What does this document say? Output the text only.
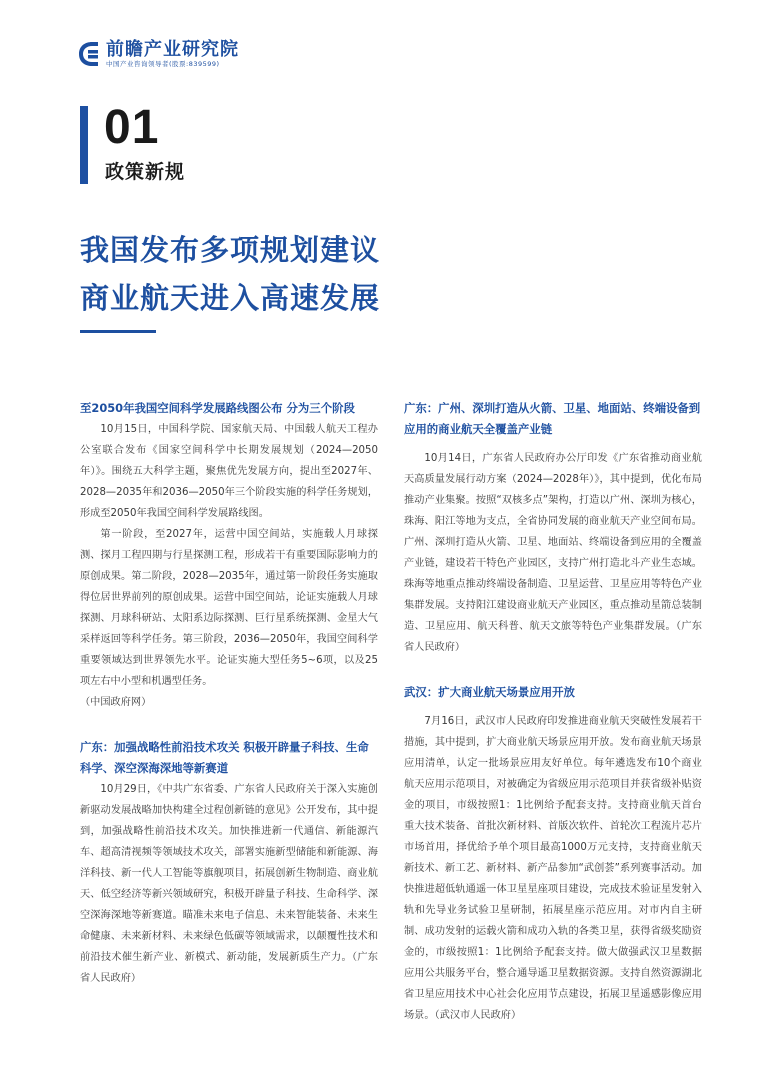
前瞻产业研究院
中国产业咨询领导者(股票:839599)
01
政策新规
我国发布多项规划建议
商业航天进入高速发展

至2050年我国空间科学发展路线图公布 分为三个阶段

10月15日，中国科学院、国家航天局、中国载人航天工程办公室联合发布《国家空间科学中长期发展规划（2024—2050年）》。围绕五大科学主题，聚焦优先发展方向，提出至2027年、2028—2035年和2036—2050年三个阶段实施的科学任务规划，形成至2050年我国空间科学发展路线图。

第一阶段，至2027年，运营中国空间站，实施载人月球探测、探月工程四期与行星探测工程，形成若干有重要国际影响力的原创成果。第二阶段，2028—2035年，通过第一阶段任务实施取得位居世界前列的原创成果。运营中国空间站，论证实施载人月球探测、月球科研站、太阳系边际探测、巨行星系统探测、金星大气采样返回等科学任务。第三阶段，2036—2050年，我国空间科学重要领域达到世界领先水平。论证实施大型任务5~6项，以及25项左右中小型和机遇型任务。

（中国政府网）

广东：加强战略性前沿技术攻关 积极开辟量子科技、生命科学、深空深海深地等新赛道

10月29日，《中共广东省委、广东省人民政府关于深入实施创新驱动发展战略加快构建全过程创新链的意见》公开发布，其中提到，加强战略性前沿技术攻关。加快推进新一代通信、新能源汽车、超高清视频等领域技术攻关，部署实施新型储能和新能源、海洋科技、新一代人工智能等旗舰项目，拓展创新生物制造、商业航天、低空经济等新兴领域研究，积极开辟量子科技、生命科学、深空深海深地等新赛道。瞄准未来电子信息、未来智能装备、未来生命健康、未来新材料、未来绿色低碳等领域需求，以颠覆性技术和前沿技术催生新产业、新模式、新动能，发展新质生产力。（广东省人民政府）

广东：广州、深圳打造从火箭、卫星、地面站、终端设备到应用的商业航天全覆盖产业链

10月14日，广东省人民政府办公厅印发《广东省推动商业航天高质量发展行动方案（2024—2028年）》，其中提到，优化布局推动产业集聚。按照“双核多点”架构，打造以广州、深圳为核心，珠海、阳江等地为支点，全省协同发展的商业航天产业空间布局。广州、深圳打造从火箭、卫星、地面站、终端设备到应用的全覆盖产业链，建设若干特色产业园区，支持广州打造北斗产业生态域。珠海等地重点推动终端设备制造、卫星运营、卫星应用等特色产业集群发展。支持阳江建设商业航天产业园区，重点推动星箭总装制造、卫星应用、航天科普、航天文旅等特色产业集群发展。（广东省人民政府）

武汉：扩大商业航天场景应用开放

7月16日，武汉市人民政府印发推进商业航天突破性发展若干措施，其中提到，扩大商业航天场景应用开放。发布商业航天场景应用清单，认定一批场景应用友好单位。每年遴选发布10个商业航天应用示范项目，对被确定为省级应用示范项目并获省级补贴资金的项目，市级按照1：1比例给予配套支持。支持商业航天首台重大技术装备、首批次新材料、首版次软件、首轮次工程流片芯片市场首用，择优给予单个项目最高1000万元支持，支持商业航天新技术、新工艺、新材料、新产品参加“武创荟”系列赛事活动。加快推进超低轨通遥一体卫星星座项目建设，完成技术验证星发射入轨和先导业务试验卫星研制，拓展星座示范应用。对市内自主研制、成功发射的运载火箭和成功入轨的各类卫星，获得省级奖励资金的，市级按照1：1比例给予配套支持。做大做强武汉卫星数据应用公共服务平台，整合通导遥卫星数据资源。支持自然资源湖北省卫星应用技术中心社会化应用节点建设，拓展卫星遥感影像应用场景。（武汉市人民政府）
